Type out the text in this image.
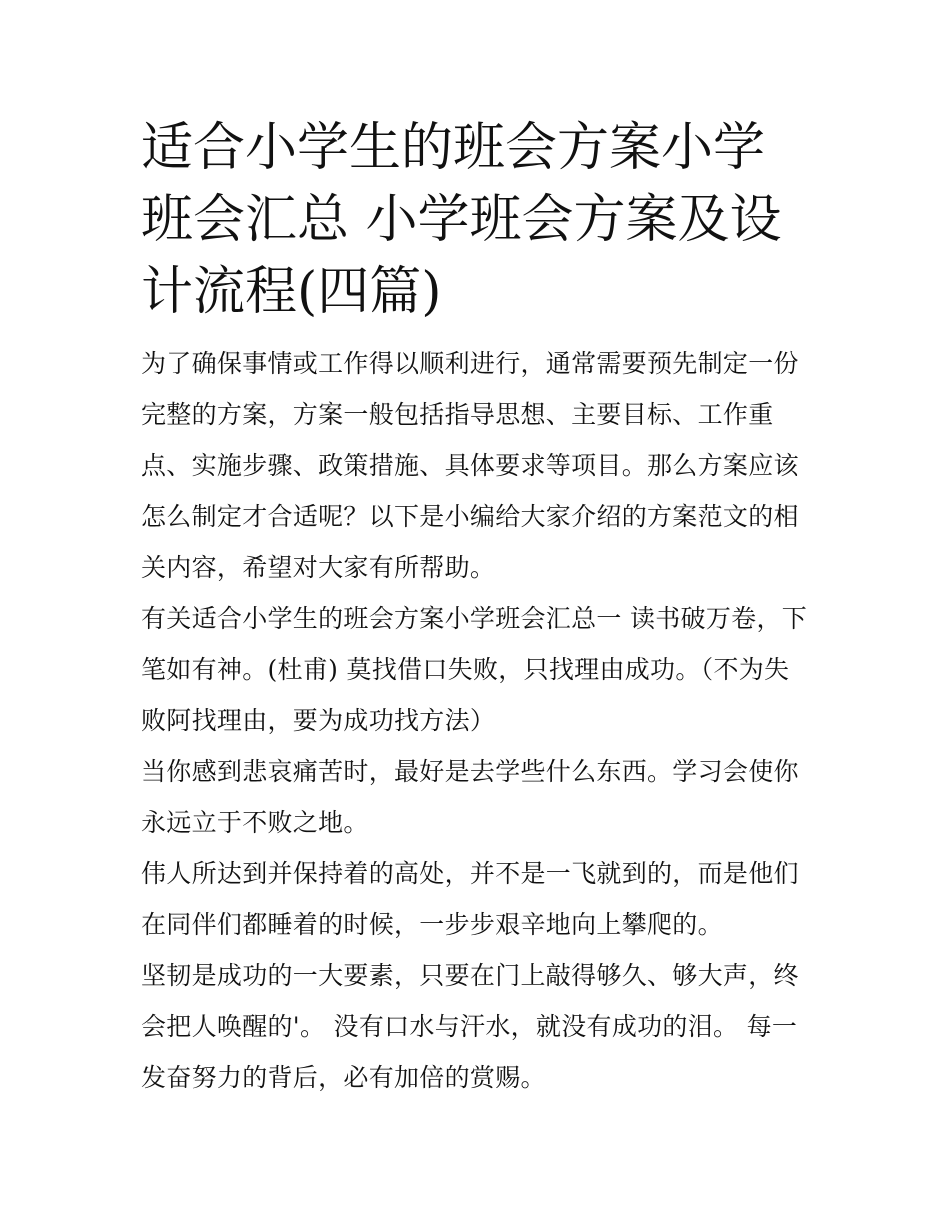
适合小学生的班会方案小学班会汇总 小学班会方案及设计流程(四篇)

为了确保事情或工作得以顺利进行，通常需要预先制定一份完整的方案，方案一般包括指导思想、主要目标、工作重点、实施步骤、政策措施、具体要求等项目。那么方案应该怎么制定才合适呢？以下是小编给大家介绍的方案范文的相关内容，希望对大家有所帮助。

有关适合小学生的班会方案小学班会汇总一 读书破万卷，下笔如有神。(杜甫) 莫找借口失败，只找理由成功。（不为失败阿找理由，要为成功找方法）

当你感到悲哀痛苦时，最好是去学些什么东西。学习会使你永远立于不败之地。

伟人所达到并保持着的高处，并不是一飞就到的，而是他们在同伴们都睡着的时候，一步步艰辛地向上攀爬的。

坚韧是成功的一大要素，只要在门上敲得够久、够大声，终会把人唤醒的'。 没有口水与汗水，就没有成功的泪。 每一发奋努力的背后，必有加倍的赏赐。
